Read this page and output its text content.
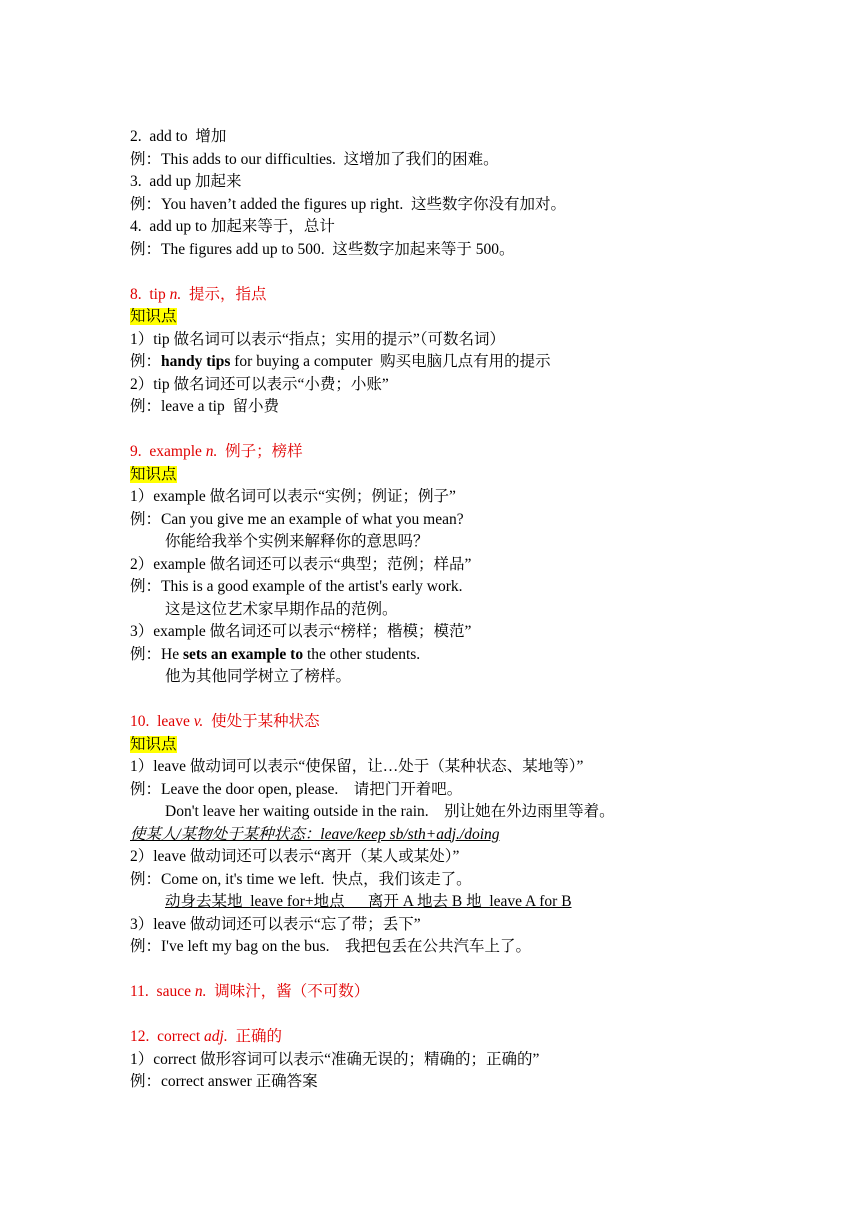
2.  add to  增加
例：This adds to our difficulties.  这增加了我们的困难。
3.  add up 加起来
例：You haven’t added the figures up right.  这些数字你没有加对。
4.  add up to 加起来等于，总计
例：The figures add up to 500.  这些数字加起来等于 500。
8.  tip n.  提示，指点
知识点
1）tip 做名词可以表示“指点；实用的提示”（可数名词）
例：handy tips for buying a computer  购买电脑几点有用的提示
2）tip 做名词还可以表示“小费；小账”
例：leave a tip  留小费
9.  example n.  例子；榜样
知识点
1）example 做名词可以表示“实例；例证；例子”
例：Can you give me an example of what you mean?
你能给我举个实例来解释你的意思吗？
2）example 做名词还可以表示“典型；范例；样品”
例：This is a good example of the artist's early work.
这是这位艺术家早期作品的范例。
3）example 做名词还可以表示“榜样；楷模；模范”
例：He sets an example to the other students.
他为其他同学树立了榜样。
10.  leave v.  使处于某种状态
知识点
1）leave 做动词可以表示“使保留，让…处于（某种状态、某地等）”
例：Leave the door open, please.    请把门开着吧。
Don't leave her waiting outside in the rain.    别让她在外边雨里等着。
使某人/某物处于某种状态：leave/keep sb/sth+adj./doing
2）leave 做动词还可以表示“离开（某人或某处）”
例：Come on, it's time we left.  快点，我们该走了。
动身去某地  leave for+地点      离开 A 地去 B 地  leave A for B
3）leave 做动词还可以表示“忘了带；丢下”
例：I've left my bag on the bus.    我把包丢在公共汽车上了。
11.  sauce n.  调味汁，酱（不可数）
12.  correct adj.  正确的
1）correct 做形容词可以表示“准确无误的；精确的；正确的”
例：correct answer 正确答案
